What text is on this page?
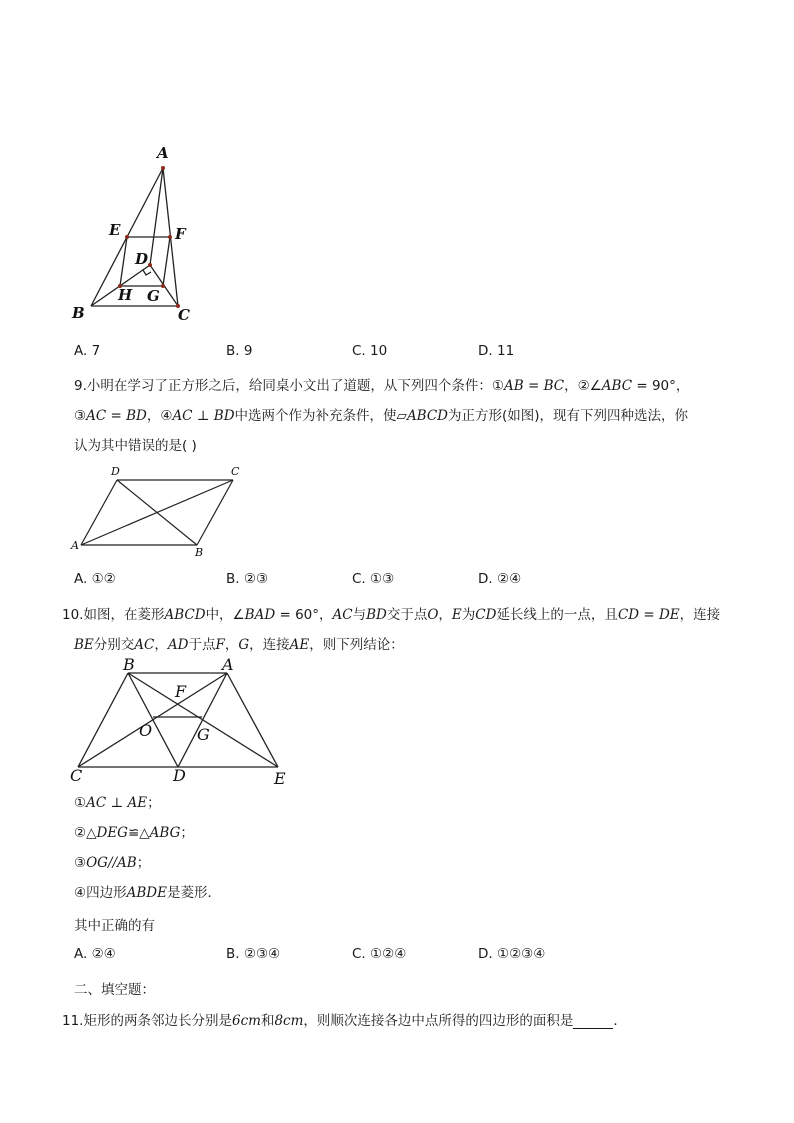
A
E	F
D
H G
B	C
A. 7	B. 9	C. 10	D. 11
9.小明在学习了正方形之后，给同桌小文出了道题，从下列四个条件：①AB = BC，②∠ABC = 90°，
③AC = BD，④AC ⊥ BD中选两个作为补充条件，使▱ABCD为正方形(如图)，现有下列四种选法，你
认为其中错误的是( )
D	C
A
B
A. ①②	B. ②③	C. ①③	D. ②④
10.如图，在菱形ABCD中，∠BAD = 60°，AC与BD交于点O，E为CD延长线上的一点，且CD = DE，连接
BE分别交AC，AD于点F，G，连接AE，则下列结论：
B	A
F
O	G
C	D	E
①AC ⊥ AE；
②△DEG≌△ABG；
③OG//AB；
④四边形ABDE是菱形．
其中正确的有
A. ②④	B. ②③④	C. ①②④	D. ①②③④
二、填空题：
11.矩形的两条邻边长分别是6cm和8cm，则顺次连接各边中点所得的四边形的面积是	．
